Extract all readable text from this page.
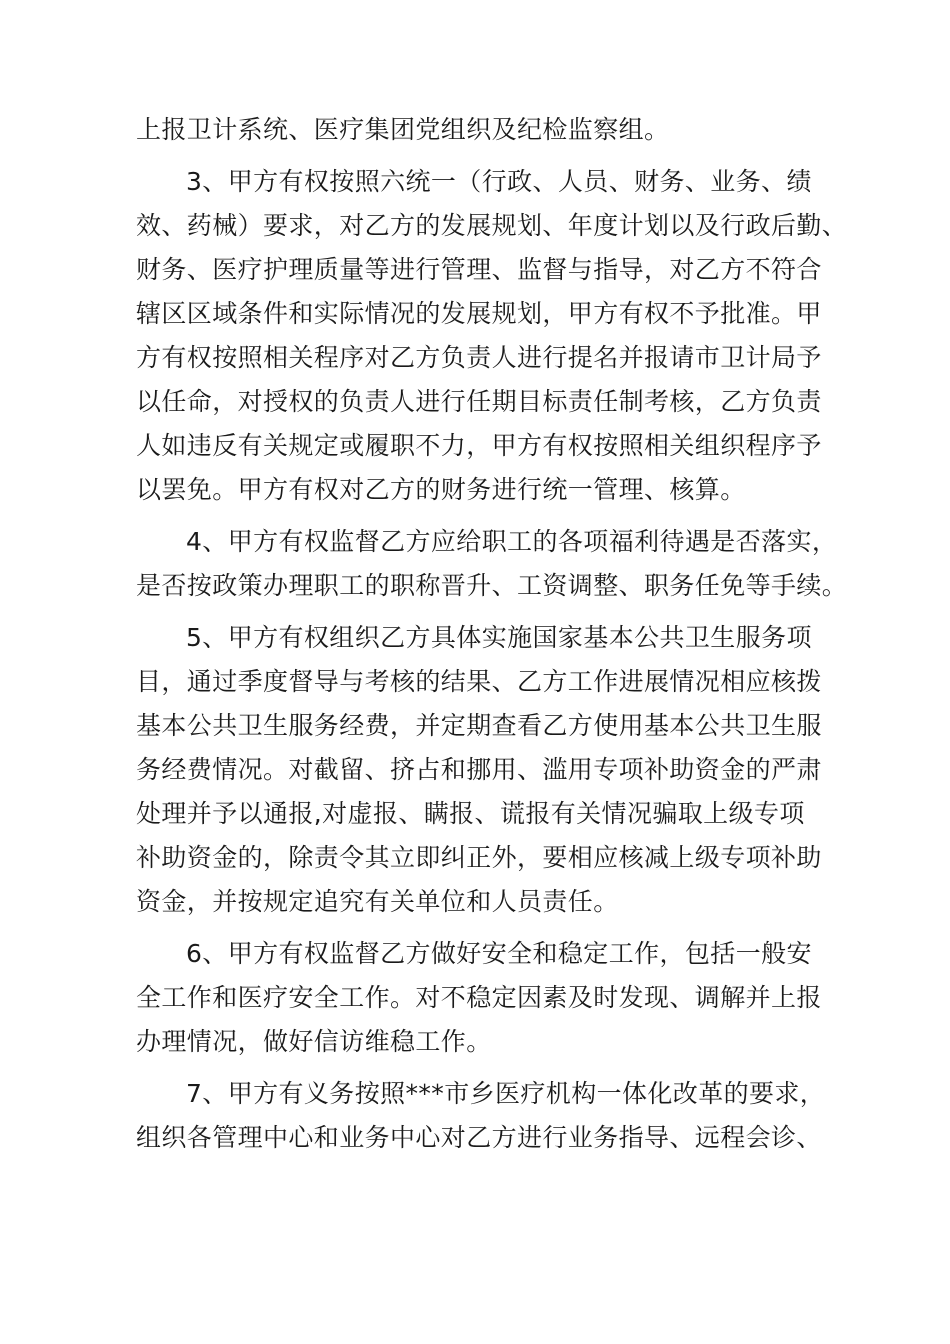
上报卫计系统、医疗集团党组织及纪检监察组。
3、甲方有权按照六统一（行政、人员、财务、业务、绩
效、药械）要求，对乙方的发展规划、年度计划以及行政后勤、
财务、医疗护理质量等进行管理、监督与指导，对乙方不符合
辖区区域条件和实际情况的发展规划，甲方有权不予批准。甲
方有权按照相关程序对乙方负责人进行提名并报请市卫计局予
以任命，对授权的负责人进行任期目标责任制考核，乙方负责
人如违反有关规定或履职不力，甲方有权按照相关组织程序予
以罢免。甲方有权对乙方的财务进行统一管理、核算。
4、甲方有权监督乙方应给职工的各项福利待遇是否落实，
是否按政策办理职工的职称晋升、工资调整、职务任免等手续。
5、甲方有权组织乙方具体实施国家基本公共卫生服务项
目，通过季度督导与考核的结果、乙方工作进展情况相应核拨
基本公共卫生服务经费，并定期查看乙方使用基本公共卫生服
务经费情况。对截留、挤占和挪用、滥用专项补助资金的严肃
处理并予以通报,对虚报、瞒报、谎报有关情况骗取上级专项
补助资金的，除责令其立即纠正外，要相应核减上级专项补助
资金，并按规定追究有关单位和人员责任。
6、甲方有权监督乙方做好安全和稳定工作，包括一般安
全工作和医疗安全工作。对不稳定因素及时发现、调解并上报
办理情况，做好信访维稳工作。
7、甲方有义务按照***市乡医疗机构一体化改革的要求，
组织各管理中心和业务中心对乙方进行业务指导、远程会诊、
